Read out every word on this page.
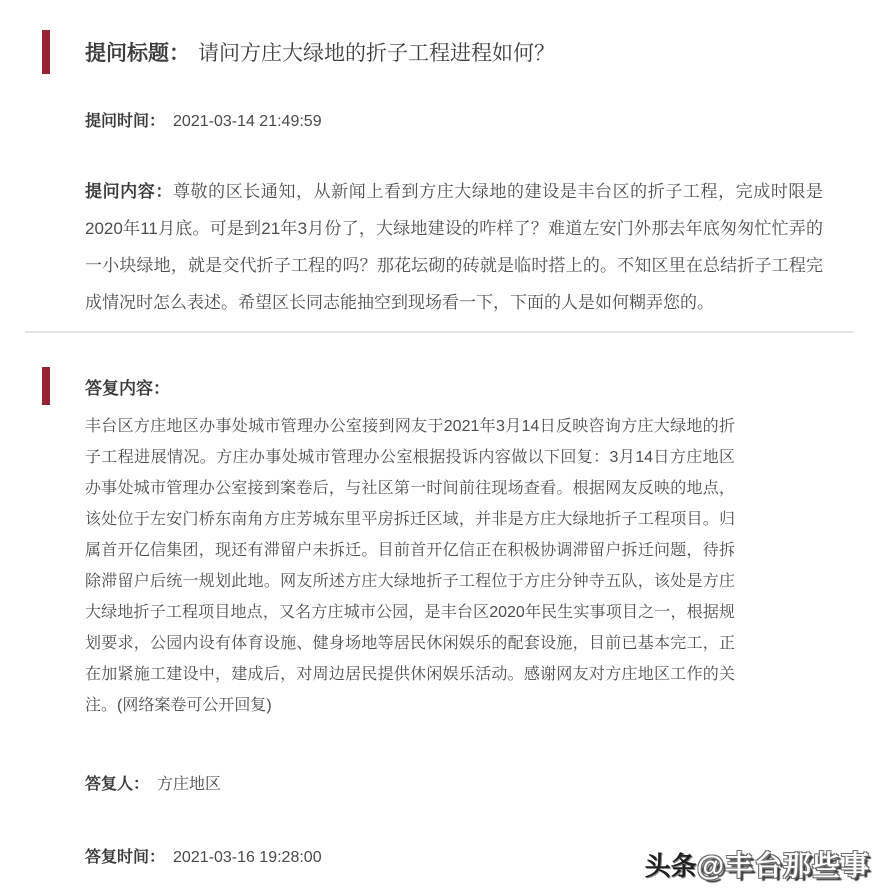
提问标题： 请问方庄大绿地的折子工程进程如何？
提问时间： 2021-03-14 21:49:59

提问内容：尊敬的区长通知，从新闻上看到方庄大绿地的建设是丰台区的折子工程，完成时限是2020年11月底。可是到21年3月份了，大绿地建设的咋样了？难道左安门外那去年底匆匆忙忙弄的一小块绿地，就是交代折子工程的吗？那花坛砌的砖就是临时搭上的。不知区里在总结折子工程完成情况时怎么表述。希望区长同志能抽空到现场看一下，下面的人是如何糊弄您的。

答复内容：

丰台区方庄地区办事处城市管理办公室接到网友于2021年3月14日反映咨询方庄大绿地的折子工程进展情况。方庄办事处城市管理办公室根据投诉内容做以下回复：3月14日方庄地区办事处城市管理办公室接到案卷后，与社区第一时间前往现场查看。根据网友反映的地点，该处位于左安门桥东南角方庄芳城东里平房拆迁区域，并非是方庄大绿地折子工程项目。归属首开亿信集团，现还有滞留户未拆迁。目前首开亿信正在积极协调滞留户拆迁问题，待拆除滞留户后统一规划此地。网友所述方庄大绿地折子工程位于方庄分钟寺五队，该处是方庄大绿地折子工程项目地点，又名方庄城市公园，是丰台区2020年民生实事项目之一，根据规划要求，公园内设有体育设施、健身场地等居民休闲娱乐的配套设施，目前已基本完工，正在加紧施工建设中，建成后，对周边居民提供休闲娱乐活动。感谢网友对方庄地区工作的关注。(网络案卷可公开回复)

答复人： 方庄地区
答复时间： 2021-03-16 19:28:00	头条@丰台那些事
